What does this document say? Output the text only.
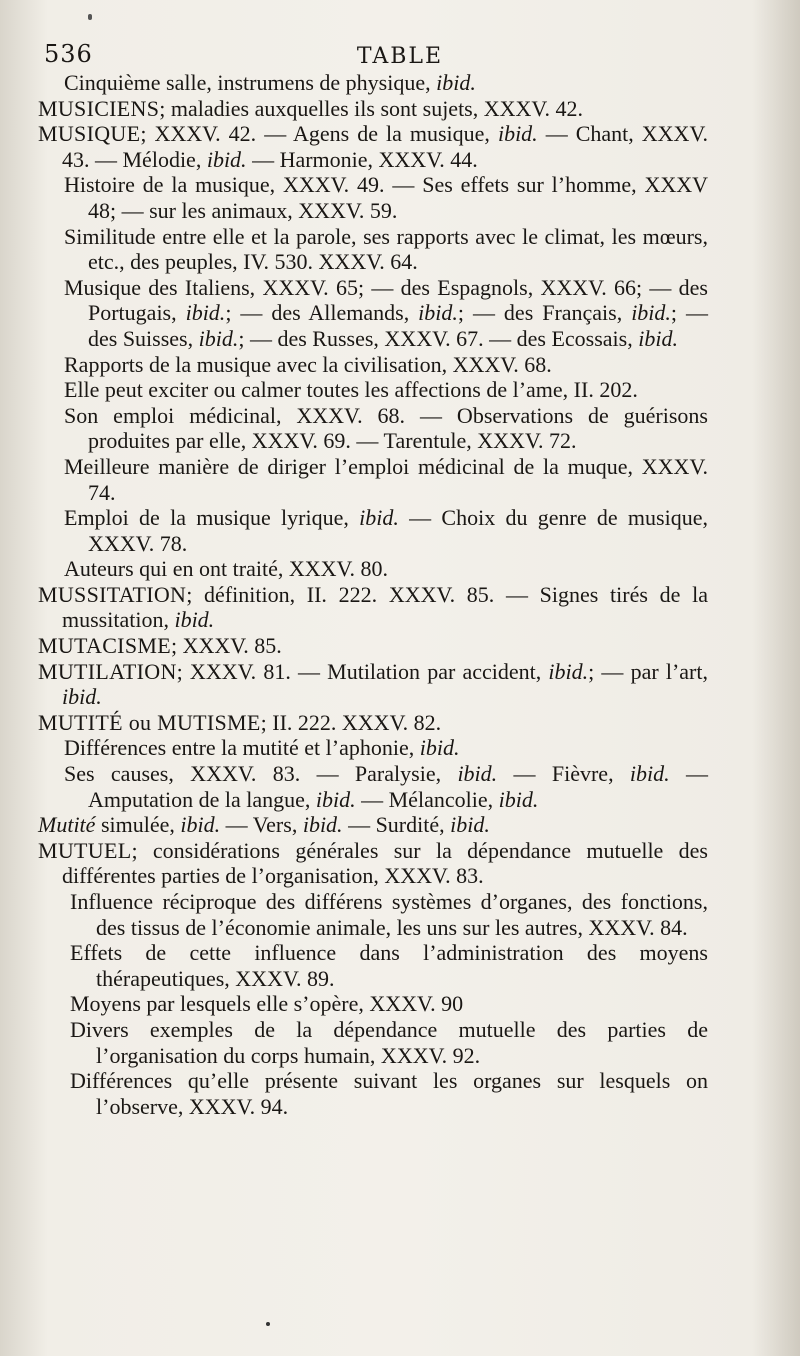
536	TABLE

Cinquième salle, instrumens de physique, ibid.

MUSICIENS; maladies auxquelles ils sont sujets, XXXV. 42.

MUSIQUE; XXXV. 42. — Agens de la musique, ibid. — Chant, XXXV. 43. — Mélodie, ibid. — Harmonie, XXXV. 44.

Histoire de la musique, XXXV. 49. — Ses effets sur l’homme, XXXV 48; — sur les animaux, XXXV. 59.

Similitude entre elle et la parole, ses rapports avec le climat, les mœurs, etc., des peuples, IV. 530. XXXV. 64.

Musique des Italiens, XXXV. 65; — des Espagnols, XXXV. 66; — des Portugais, ibid.; — des Allemands, ibid.; — des Français, ibid.; — des Suisses, ibid.; — des Russes, XXXV. 67. — des Ecossais, ibid.

Rapports de la musique avec la civilisation, XXXV. 68.

Elle peut exciter ou calmer toutes les affections de l’ame, II. 202.

Son emploi médicinal, XXXV. 68. — Observations de guérisons produites par elle, XXXV. 69. — Tarentule, XXXV. 72.

Meilleure manière de diriger l’emploi médicinal de la muque, XXXV. 74.

Emploi de la musique lyrique, ibid. — Choix du genre de musique, XXXV. 78.

Auteurs qui en ont traité, XXXV. 80.

MUSSITATION; définition, II. 222. XXXV. 85. — Signes tirés de la mussitation, ibid.

MUTACISME; XXXV. 85.

MUTILATION; XXXV. 81. — Mutilation par accident, ibid.; — par l’art, ibid.

MUTITÉ ou MUTISME; II. 222. XXXV. 82.

Différences entre la mutité et l’aphonie, ibid.

Ses causes, XXXV. 83. — Paralysie, ibid. — Fièvre, ibid. — Amputation de la langue, ibid. — Mélancolie, ibid.

Mutité simulée, ibid. — Vers, ibid. — Surdité, ibid.

MUTUEL; considérations générales sur la dépendance mutuelle des différentes parties de l’organisation, XXXV. 83.

Influence réciproque des différens systèmes d’organes, des fonctions, des tissus de l’économie animale, les uns sur les autres, XXXV. 84.

Effets de cette influence dans l’administration des moyens thérapeutiques, XXXV. 89.

Moyens par lesquels elle s’opère, XXXV. 90

Divers exemples de la dépendance mutuelle des parties de l’organisation du corps humain, XXXV. 92.

Différences qu’elle présente suivant les organes sur lesquels on l’observe, XXXV. 94.
